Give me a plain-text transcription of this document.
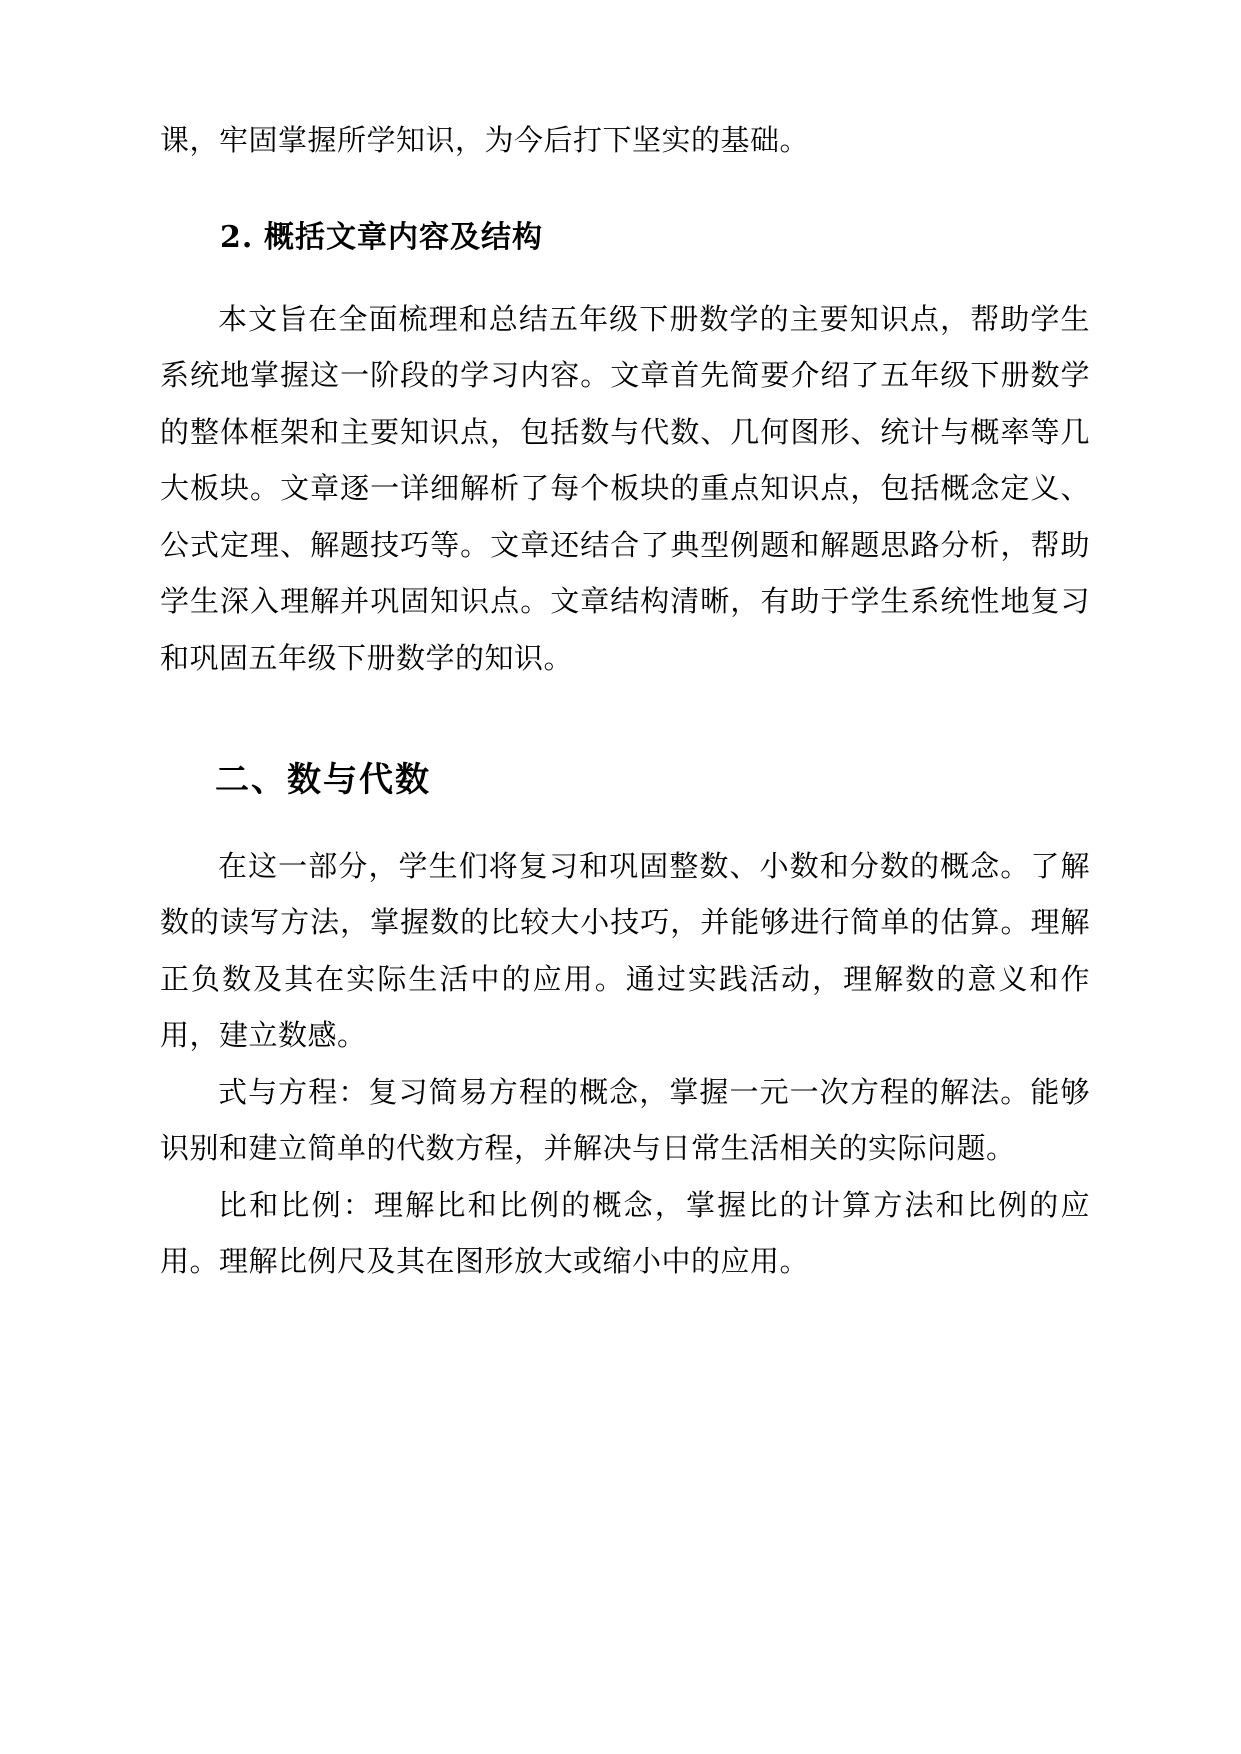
课，牢固掌握所学知识，为今后打下坚实的基础。

2. 概括文章内容及结构

本文旨在全面梳理和总结五年级下册数学的主要知识点，帮助学生系统地掌握这一阶段的学习内容。文章首先简要介绍了五年级下册数学的整体框架和主要知识点，包括数与代数、几何图形、统计与概率等几大板块。文章逐一详细解析了每个板块的重点知识点，包括概念定义、公式定理、解题技巧等。文章还结合了典型例题和解题思路分析，帮助学生深入理解并巩固知识点。文章结构清晰，有助于学生系统性地复习和巩固五年级下册数学的知识。

二、数与代数

在这一部分，学生们将复习和巩固整数、小数和分数的概念。了解数的读写方法，掌握数的比较大小技巧，并能够进行简单的估算。理解正负数及其在实际生活中的应用。通过实践活动，理解数的意义和作用，建立数感。

式与方程：复习简易方程的概念，掌握一元一次方程的解法。能够识别和建立简单的代数方程，并解决与日常生活相关的实际问题。

比和比例：理解比和比例的概念，掌握比的计算方法和比例的应用。理解比例尺及其在图形放大或缩小中的应用。
